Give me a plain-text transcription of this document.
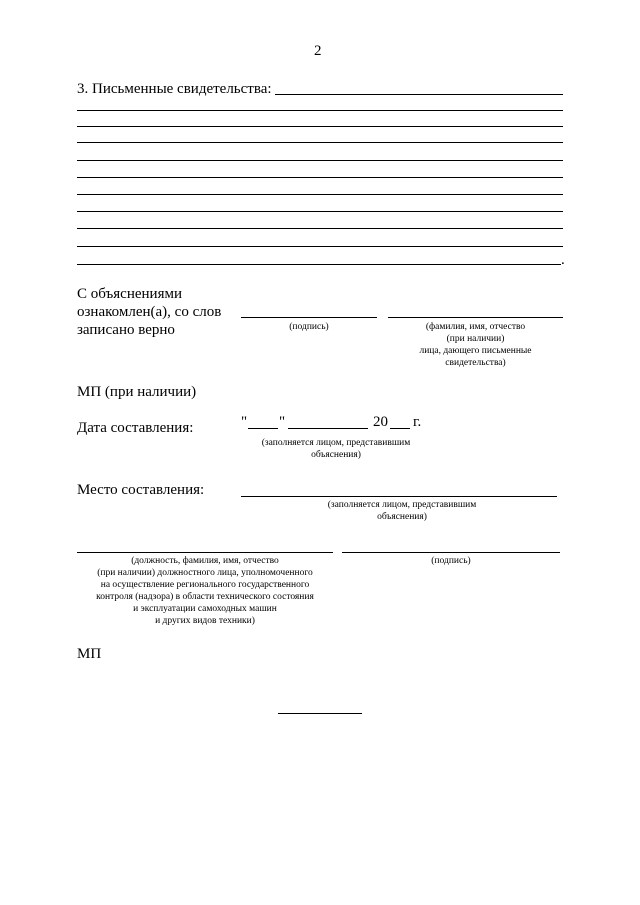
2
3. Письменные свидетельства:
.
С объяснениями
ознакомлен(а), со слов
записано верно	(подпись)	(фамилия, имя, отчество
(при наличии)
лица, дающего письменные
свидетельства)
МП (при наличии)
Дата составления:	" "	20 г.
(заполняется лицом, представившим
объяснения)
Место составления:
(заполняется лицом, представившим
объяснения)
(должность, фамилия, имя, отчество
(при наличии) должностного лица, уполномоченного
на осуществление регионального государственного
контроля (надзора) в области технического состояния
и эксплуатации самоходных машин
и других видов техники)
(подпись)
МП
